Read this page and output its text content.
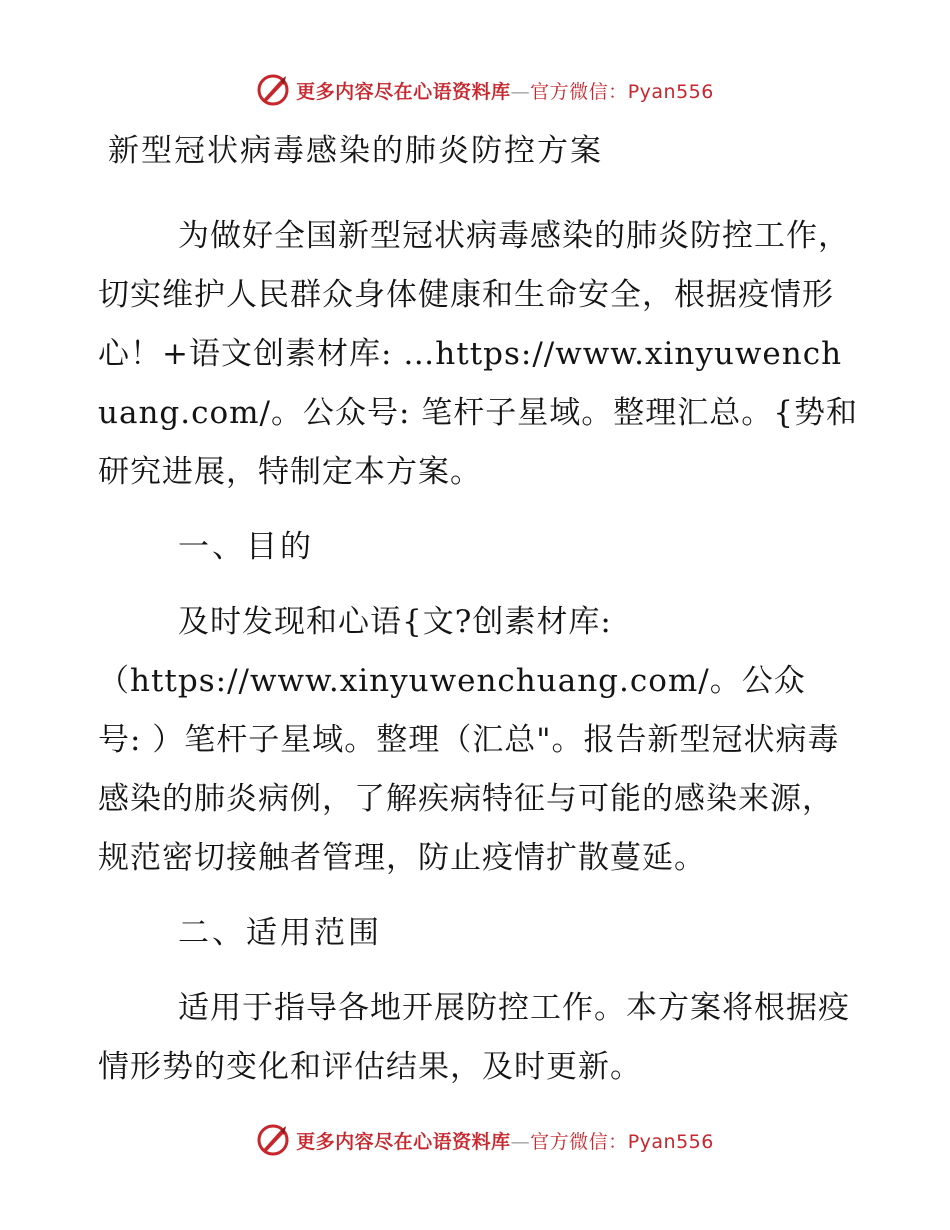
更多内容尽在心语资料库—官方微信：Pyan556

新型冠状病毒感染的肺炎防控方案

为做好全国新型冠状病毒感染的肺炎防控工作，切实维护人民群众身体健康和生命安全，根据疫情形心！+语文创素材库: …https://www.xinyuwenchuang.com/。公众号: 笔杆子星域。整理汇总。{势和研究进展，特制定本方案。

一、目的

及时发现和心语{文?创素材库:

（https://www.xinyuwenchuang.com/。公众

号: ）笔杆子星域。整理（汇总"。报告新型冠状病毒感染的肺炎病例，了解疾病特征与可能的感染来源，规范密切接触者管理，防止疫情扩散蔓延。

二、适用范围

适用于指导各地开展防控工作。本方案将根据疫情形势的变化和评估结果，及时更新。

更多内容尽在心语资料库—官方微信：Pyan556
